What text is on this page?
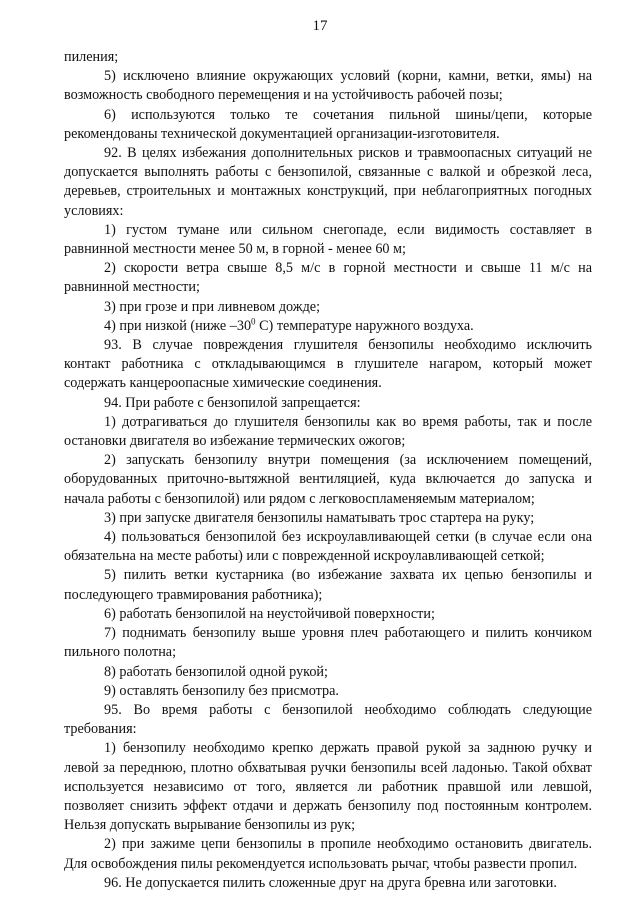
17

пиления;

5) исключено влияние окружающих условий (корни, камни, ветки, ямы) на возможность свободного перемещения и на устойчивость рабочей позы;

6) используются только те сочетания пильной шины/цепи, которые рекомендованы технической документацией организации-изготовителя.

92. В целях избежания дополнительных рисков и травмоопасных ситуаций не допускается выполнять работы с бензопилой, связанные с валкой и обрезкой леса, деревьев, строительных и монтажных конструкций, при неблагоприятных погодных условиях:

1) густом тумане или сильном снегопаде, если видимость составляет в равнинной местности менее 50 м, в горной - менее 60 м;

2) скорости ветра свыше 8,5 м/с в горной местности и свыше 11 м/с на равнинной местности;

3) при грозе и при ливневом дожде;

4) при низкой (ниже $-30^0$ С) температуре наружного воздуха.

93. В случае повреждения глушителя бензопилы необходимо исключить контакт работника с откладывающимся в глушителе нагаром, который может содержать канцероопасные химические соединения.

94. При работе с бензопилой запрещается:

1) дотрагиваться до глушителя бензопилы как во время работы, так и после остановки двигателя во избежание термических ожогов;

2) запускать бензопилу внутри помещения (за исключением помещений, оборудованных приточно-вытяжной вентиляцией, куда включается до запуска и начала работы с бензопилой) или рядом с легковоспламеняемым материалом;

3) при запуске двигателя бензопилы наматывать трос стартера на руку;

4) пользоваться бензопилой без искроулавливающей сетки (в случае если она обязательна на месте работы) или с поврежденной искроулавливающей сеткой;

5) пилить ветки кустарника (во избежание захвата их цепью бензопилы и последующего травмирования работника);

6) работать бензопилой на неустойчивой поверхности;

7) поднимать бензопилу выше уровня плеч работающего и пилить кончиком пильного полотна;

8) работать бензопилой одной рукой;

9) оставлять бензопилу без присмотра.

95. Во время работы с бензопилой необходимо соблюдать следующие требования:

1) бензопилу необходимо крепко держать правой рукой за заднюю ручку и левой за переднюю, плотно обхватывая ручки бензопилы всей ладонью. Такой обхват используется независимо от того, является ли работник правшой или левшой, позволяет снизить эффект отдачи и держать бензопилу под постоянным контролем. Нельзя допускать вырывание бензопилы из рук;

2) при зажиме цепи бензопилы в пропиле необходимо остановить двигатель. Для освобождения пилы рекомендуется использовать рычаг, чтобы развести пропил.

96. Не допускается пилить сложенные друг на друга бревна или заготовки.
